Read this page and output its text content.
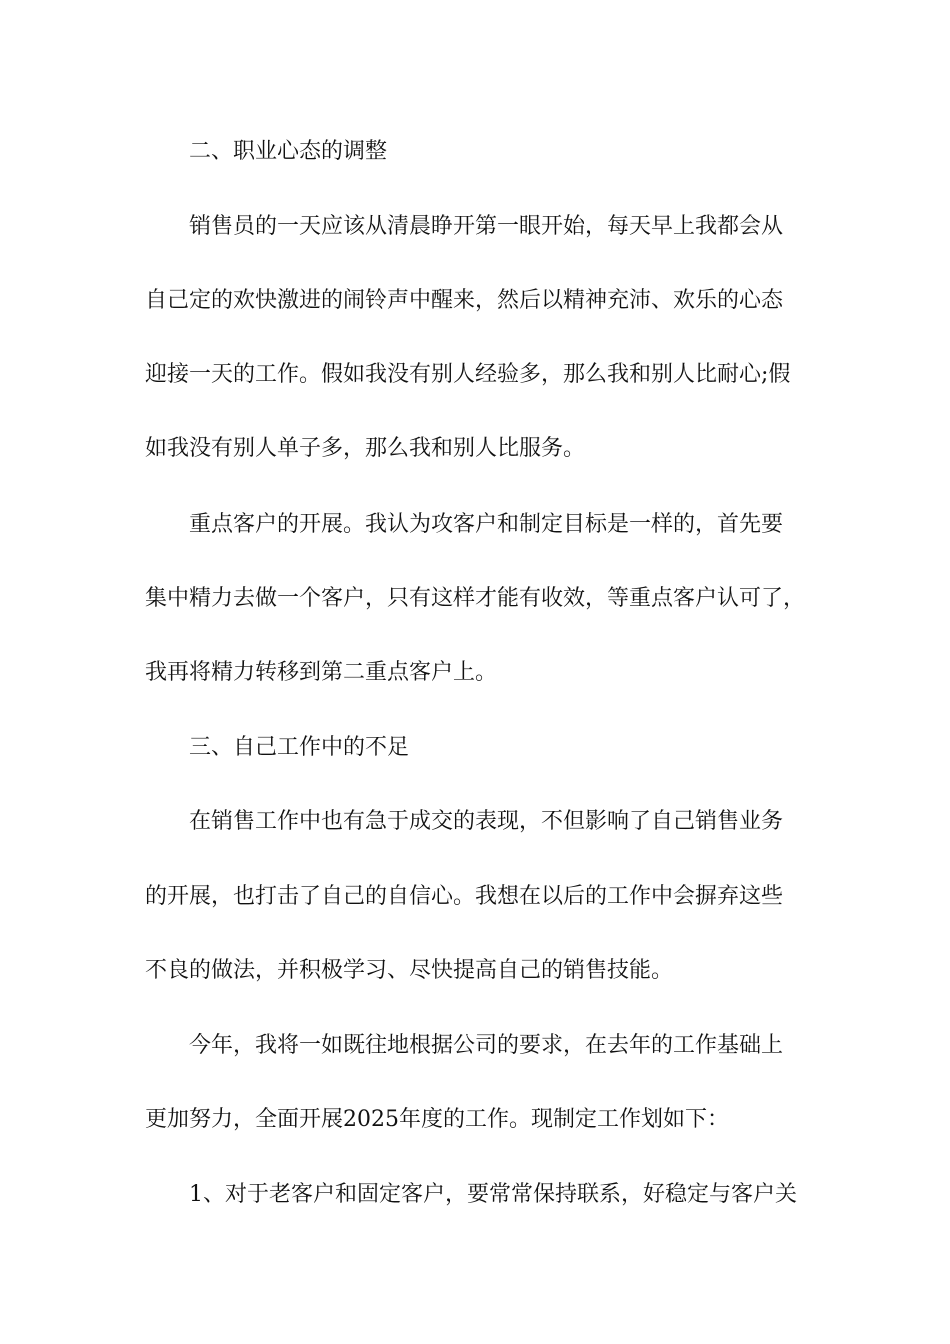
二、职业心态的调整
销售员的一天应该从清晨睁开第一眼开始，每天早上我都会从
自己定的欢快激进的闹铃声中醒来，然后以精神充沛、欢乐的心态
迎接一天的工作。假如我没有别人经验多，那么我和别人比耐心;假
如我没有别人单子多，那么我和别人比服务。
重点客户的开展。我认为攻客户和制定目标是一样的，首先要
集中精力去做一个客户，只有这样才能有收效，等重点客户认可了，
我再将精力转移到第二重点客户上。
三、自己工作中的不足
在销售工作中也有急于成交的表现，不但影响了自己销售业务
的开展，也打击了自己的自信心。我想在以后的工作中会摒弃这些
不良的做法，并积极学习、尽快提高自己的销售技能。
今年，我将一如既往地根据公司的要求，在去年的工作基础上
更加努力，全面开展2025年度的工作。现制定工作划如下：
1、对于老客户和固定客户，要常常保持联系，好稳定与客户关
